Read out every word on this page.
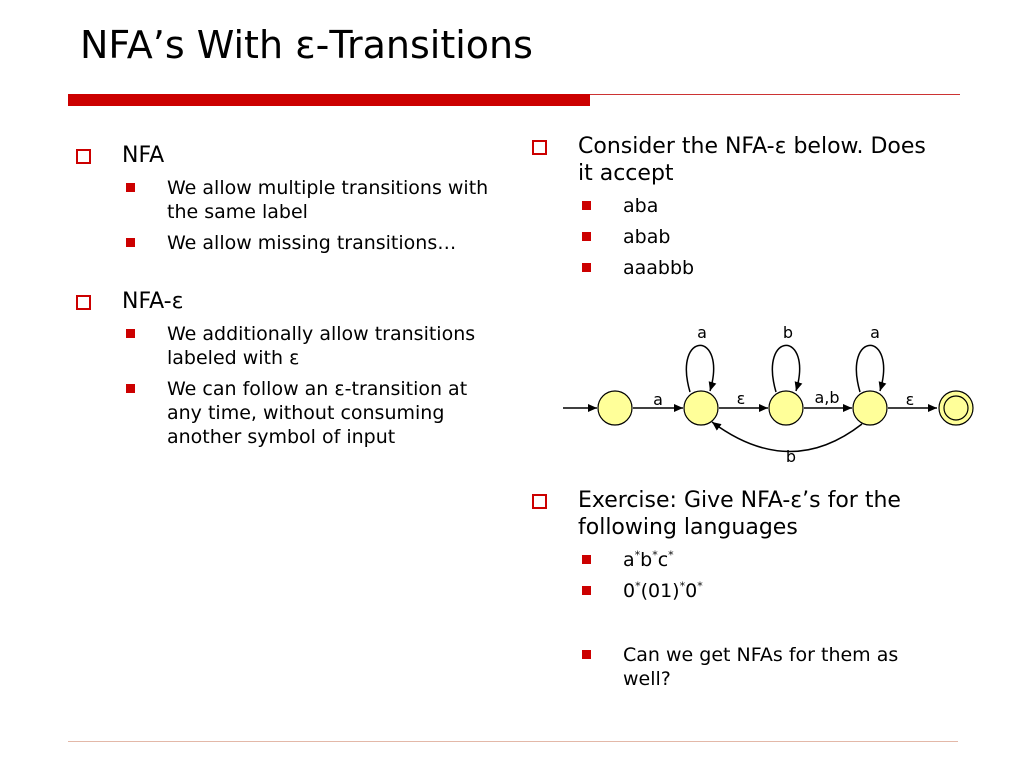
NFA’s With ε-Transitions
NFA
We allow multiple transitions with the same label
We allow missing transitions…
NFA-ε
We additionally allow transitions labeled with ε
We can follow an ε-transition at any time, without consuming another symbol of input
Consider the NFA-ε below. Does it accept
aba
abab
aaabbb
a	b	a
a	ε	a,b	ε
b
Exercise: Give NFA-ε’s for the following languages
a*b*c*
0*(01)*0*
Can we get NFAs for them as well?
